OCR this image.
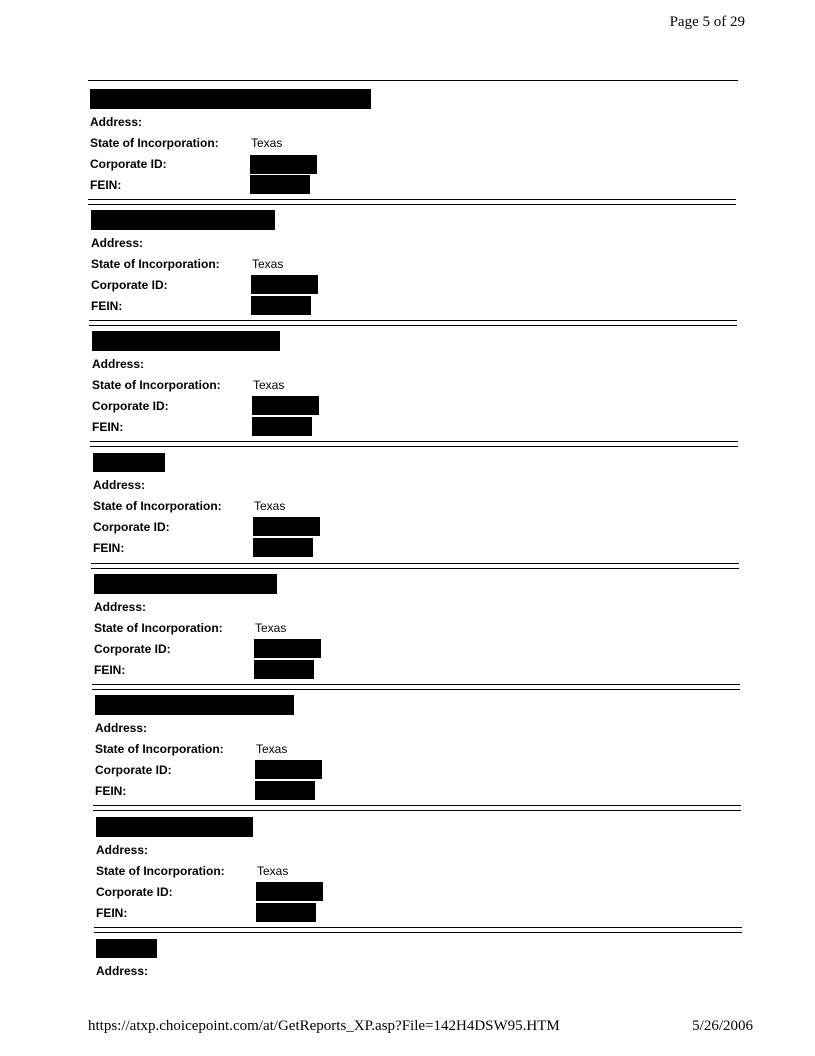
Page 5 of 29
Address:
State of Incorporation:	Texas
Corporate ID:
FEIN:
Address:
State of Incorporation:	Texas
Corporate ID:
FEIN:
Address:
State of Incorporation:	Texas
Corporate ID:
FEIN:
Address:
State of Incorporation:	Texas
Corporate ID:
FEIN:
Address:
State of Incorporation:	Texas
Corporate ID:
FEIN:
Address:
State of Incorporation:	Texas
Corporate ID:
FEIN:
Address:
State of Incorporation:	Texas
Corporate ID:
FEIN:
Address:
https://atxp.choicepoint.com/at/GetReports_XP.asp?File=142H4DSW95.HTM	5/26/2006
